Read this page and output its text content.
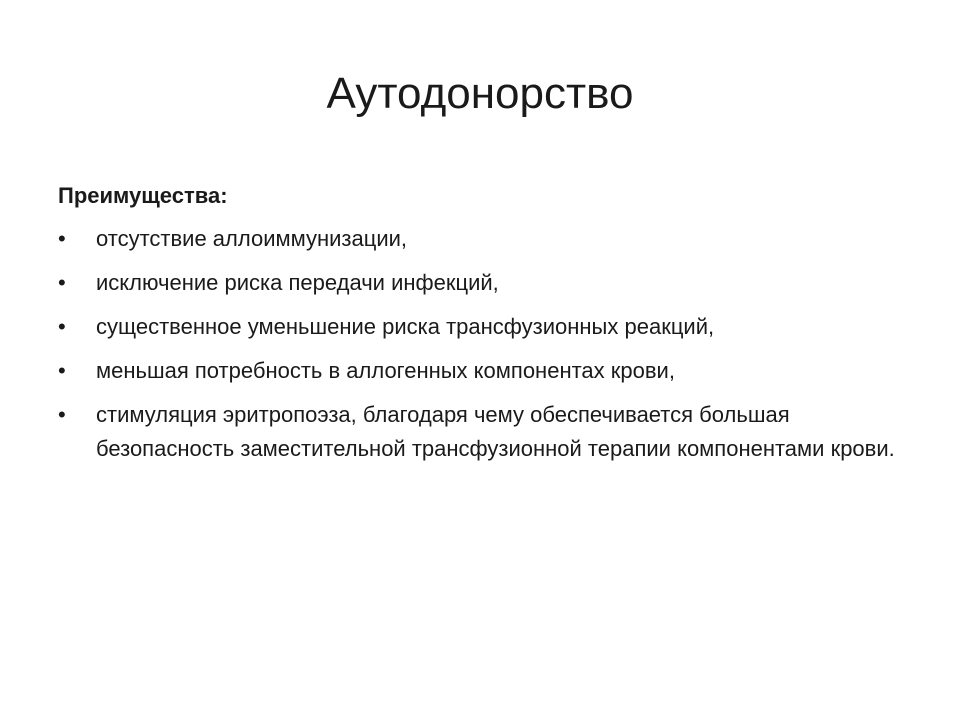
Аутодонорство

Преимущества:

•	отсутствие аллоиммунизации,
•	исключение риска передачи инфекций,
•	существенное уменьшение риска трансфузионных реакций,
•	меньшая потребность в аллогенных компонентах крови,
•	стимуляция эритропоэза, благодаря чему обеспечивается большая безопасность заместительной трансфузионной терапии компонентами крови.
